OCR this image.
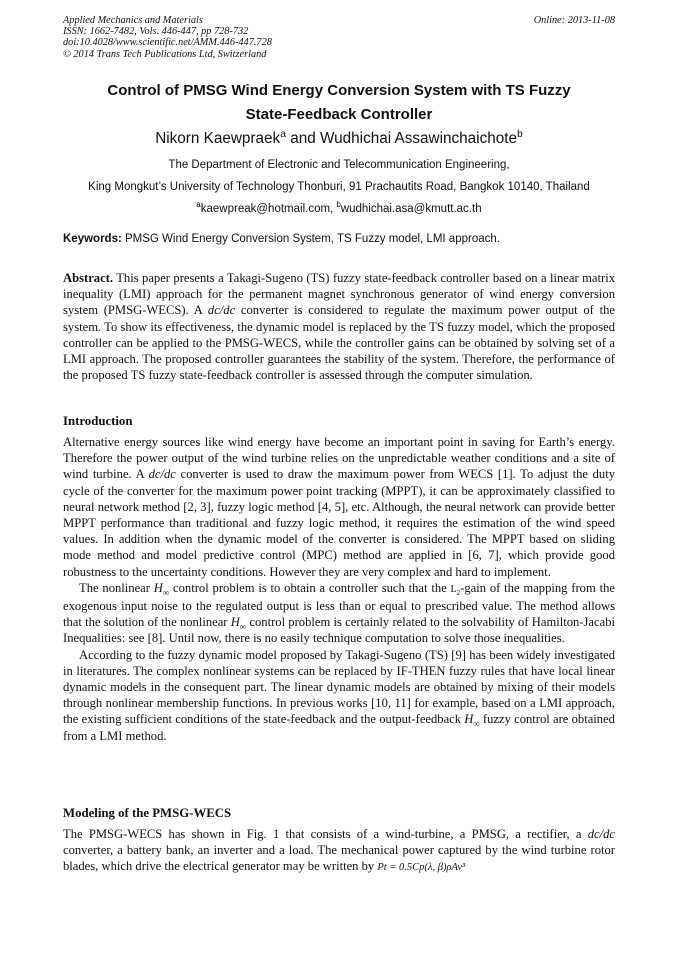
Applied Mechanics and Materials
ISSN: 1662-7482, Vols. 446-447, pp 728-732
doi:10.4028/www.scientific.net/AMM.446-447.728
© 2014 Trans Tech Publications Ltd, Switzerland
Online: 2013-11-08
Control of PMSG Wind Energy Conversion System with TS Fuzzy
State-Feedback Controller
Nikorn Kaewpraek$^a$ and Wudhichai Assawinchaichote$^b$
The Department of Electronic and Telecommunication Engineering,
King Mongkut’s University of Technology Thonburi, 91 Prachautits Road, Bangkok 10140, Thailand
$^a$kaewpreak@hotmail.com, $^b$wudhichai.asa@kmutt.ac.th
Keywords: PMSG Wind Energy Conversion System, TS Fuzzy model, LMI approach.
Abstract. This paper presents a Takagi-Sugeno (TS) fuzzy state-feedback controller based on a linear matrix inequality (LMI) approach for the permanent magnet synchronous generator of wind energy conversion system (PMSG-WECS). A dc/dc converter is considered to regulate the maximum power output of the system. To show its effectiveness, the dynamic model is replaced by the TS fuzzy model, which the proposed controller can be applied to the PMSG-WECS, while the controller gains can be obtained by solving set of a LMI approach. The proposed controller guarantees the stability of the system. Therefore, the performance of the proposed TS fuzzy state-feedback controller is assessed through the computer simulation.
Introduction

Alternative energy sources like wind energy have become an important point in saving for Earth’s energy. Therefore the power output of the wind turbine relies on the unpredictable weather conditions and a site of wind turbine. A dc/dc converter is used to draw the maximum power from WECS [1]. To adjust the duty cycle of the converter for the maximum power point tracking (MPPT), it can be approximately classified to neural network method [2, 3], fuzzy logic method [4, 5], etc. Although, the neural network can provide better MPPT performance than traditional and fuzzy logic method, it requires the estimation of the wind speed values. In addition when the dynamic model of the converter is considered. The MPPT based on sliding mode method and model predictive control (MPC) method are applied in [6, 7], which provide good robustness to the uncertainty conditions. However they are very complex and hard to implement.

The nonlinear $H_\infty$ control problem is to obtain a controller such that the $L_2$-gain of the mapping from the exogenous input noise to the regulated output is less than or equal to prescribed value. The method allows that the solution of the nonlinear $H_\infty$ control problem is certainly related to the solvability of Hamilton-Jacabi Inequalities: see [8]. Until now, there is no easily technique computation to solve those inequalities.

According to the fuzzy dynamic model proposed by Takagi-Sugeno (TS) [9] has been widely investigated in literatures. The complex nonlinear systems can be replaced by IF-THEN fuzzy rules that have local linear dynamic models in the consequent part. The linear dynamic models are obtained by mixing of their models through nonlinear membership functions. In previous works [10, 11] for example, based on a LMI approach, the existing sufficient conditions of the state-feedback and the output-feedback $H_\infty$ fuzzy control are obtained from a LMI method.

Modeling of the PMSG-WECS
The PMSG-WECS has shown in Fig. 1 that consists of a wind-turbine, a PMSG, a rectifier, a dc/dc converter, a battery bank, an inverter and a load. The mechanical power captured by the wind turbine rotor blades, which drive the electrical generator may be written by Pt = 0.5Cp(λ, β)ρAv³
